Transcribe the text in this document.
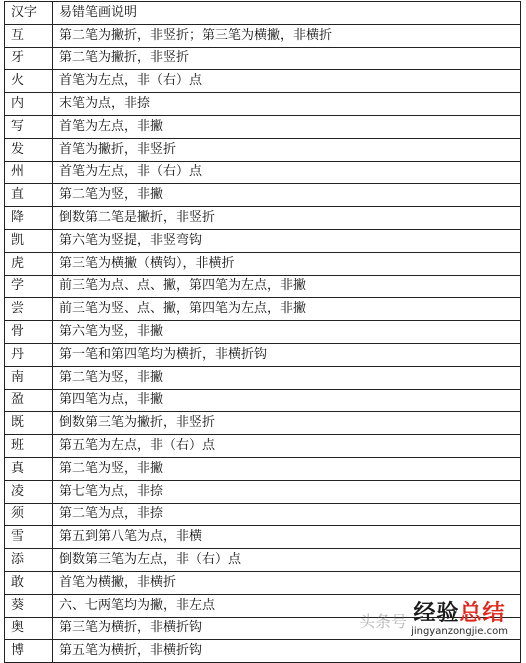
汉字	易错笔画说明
互	第二笔为撇折，非竖折；第三笔为横撇，非横折
牙	第二笔为撇折，非竖折
火	首笔为左点，非（右）点
内	末笔为点，非捺
写	首笔为左点，非撇
发	首笔为撇折，非竖折
州	首笔为左点，非（右）点
直	第二笔为竖，非撇
降	倒数第二笔是撇折，非竖折
凯	第六笔为竖提，非竖弯钩
虎	第三笔为横撇（横钩），非横折
学	前三笔为点、点、撇，第四笔为左点，非撇
尝	前三笔为竖、点、撇，第四笔为左点，非撇
骨	第六笔为竖，非撇
丹	第一笔和第四笔均为横折，非横折钩
南	第二笔为竖，非撇
盈	第四笔为点，非撇
既	倒数第三笔为撇折，非竖折
班	第五笔为左点，非（右）点
真	第二笔为竖，非撇
凌	第七笔为点，非捺
须	第二笔为点，非捺
雪	第五到第八笔为点，非横
添	倒数第三笔为左点，非（右）点
敢	首笔为横撇，非横折
葵	六、七两笔均为撇，非左点
奥	第三笔为横折，非横折钩
博	第五笔为横折，非横折钩
头条号 经验总结
jingyanzongjie.com
